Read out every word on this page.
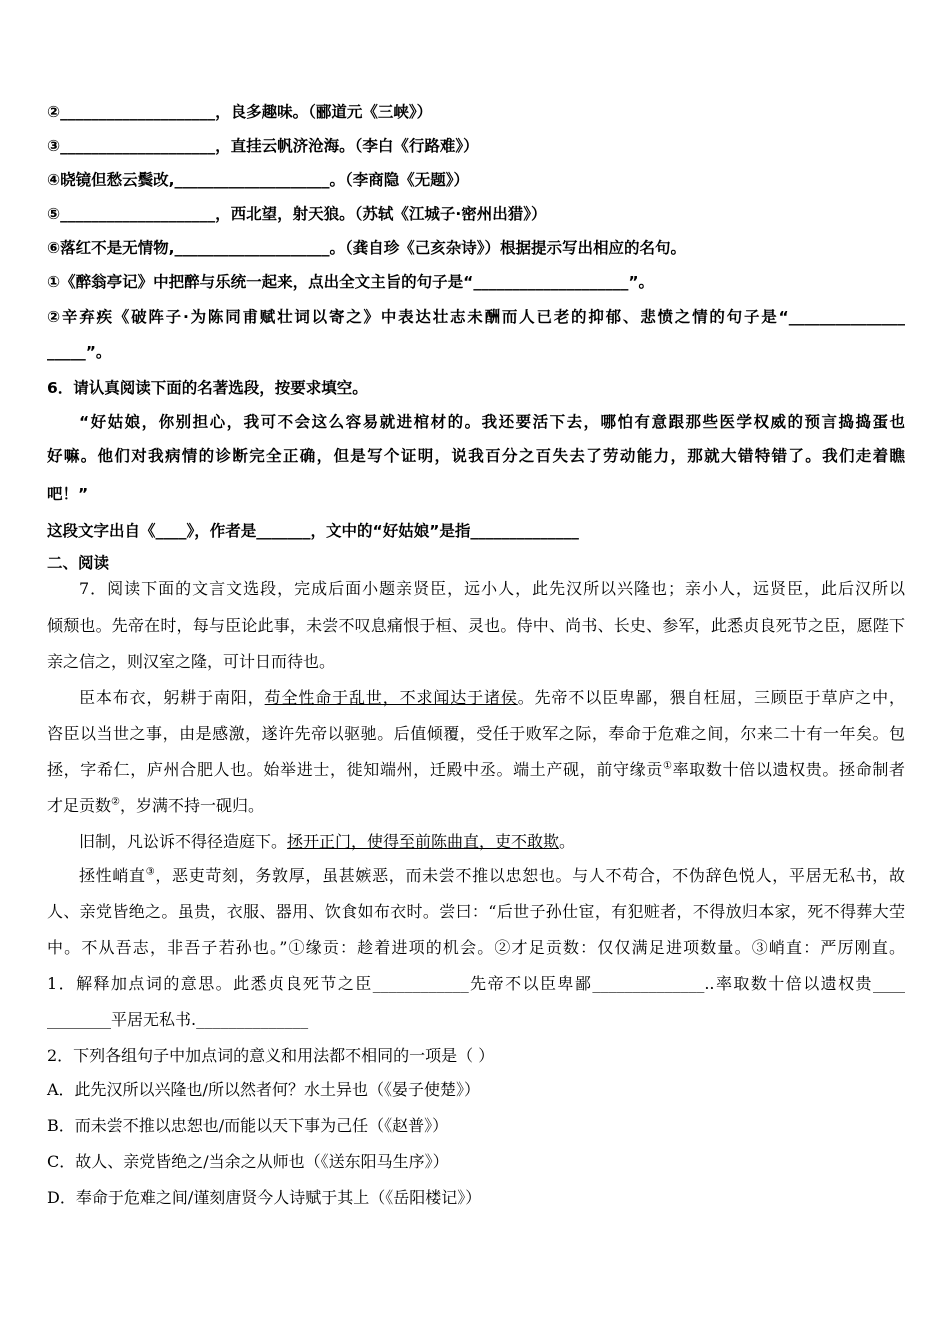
②____________________，良多趣味。（郦道元《三峡》）
③____________________，直挂云帆济沧海。（李白《行路难》）
④晓镜但愁云鬓改,____________________。（李商隐《无题》）
⑤____________________，西北望，射天狼。（苏轼《江城子·密州出猎》）
⑥落红不是无情物,____________________。（龚自珍《己亥杂诗》）根据提示写出相应的名句。
①《醉翁亭记》中把醉与乐统一起来，点出全文主旨的句子是“____________________”。
②辛弃疾《破阵子·为陈同甫赋壮词以寄之》中表达壮志未酬而人已老的抑郁、悲愤之情的句子是“_______________
_____”。
6．请认真阅读下面的名著选段，按要求填空。
“好姑娘，你别担心，我可不会这么容易就进棺材的。我还要活下去，哪怕有意跟那些医学权威的预言捣捣蛋也
好嘛。他们对我病情的诊断完全正确，但是写个证明，说我百分之百失去了劳动能力，那就大错特错了。我们走着瞧
吧！”
这段文字出自《____》，作者是_______，文中的“好姑娘”是指______________
二、阅读
7．阅读下面的文言文选段，完成后面小题亲贤臣，远小人，此先汉所以兴隆也；亲小人，远贤臣，此后汉所以
倾颓也。先帝在时，每与臣论此事，未尝不叹息痛恨于桓、灵也。侍中、尚书、长史、参军，此悉贞良死节之臣，愿陛下
亲之信之，则汉室之隆，可计日而待也。
臣本布衣，躬耕于南阳，苟全性命于乱世，不求闻达于诸侯。先帝不以臣卑鄙，猥自枉屈，三顾臣于草庐之中，
咨臣以当世之事，由是感激，遂许先帝以驱驰。后值倾覆，受任于败军之际，奉命于危难之间，尔来二十有一年矣。包
拯，字希仁，庐州合肥人也。始举进士，徙知端州，迁殿中丞。端土产砚，前守缘贡①率取数十倍以遗权贵。拯命制者
才足贡数②，岁满不持一砚归。
旧制，凡讼诉不得径造庭下。拯开正门，使得至前陈曲直，吏不敢欺。
拯性峭直③，恶吏苛刻，务敦厚，虽甚嫉恶，而未尝不推以忠恕也。与人不苟合，不伪辞色悦人，平居无私书，故
人、亲党皆绝之。虽贵，衣服、器用、饮食如布衣时。尝曰：“后世子孙仕宦，有犯赃者，不得放归本家，死不得葬大茔
中。不从吾志，非吾子若孙也。”①缘贡：趁着进项的机会。②才足贡数：仅仅满足进项数量。③峭直：严厉刚直。
1．解释加点词的意思。此悉贞良死节之臣____________先帝不以臣卑鄙______________..率取数十倍以遗权贵____
________平居无私书.______________
2．下列各组句子中加点词的意义和用法都不相同的一项是（ ）
A．此先汉所以兴隆也/所以然者何？水土异也（《晏子使楚》）
B．而未尝不推以忠恕也/而能以天下事为己任（《赵普》）
C．故人、亲党皆绝之/当余之从师也（《送东阳马生序》）
D．奉命于危难之间/谨刻唐贤今人诗赋于其上（《岳阳楼记》）
